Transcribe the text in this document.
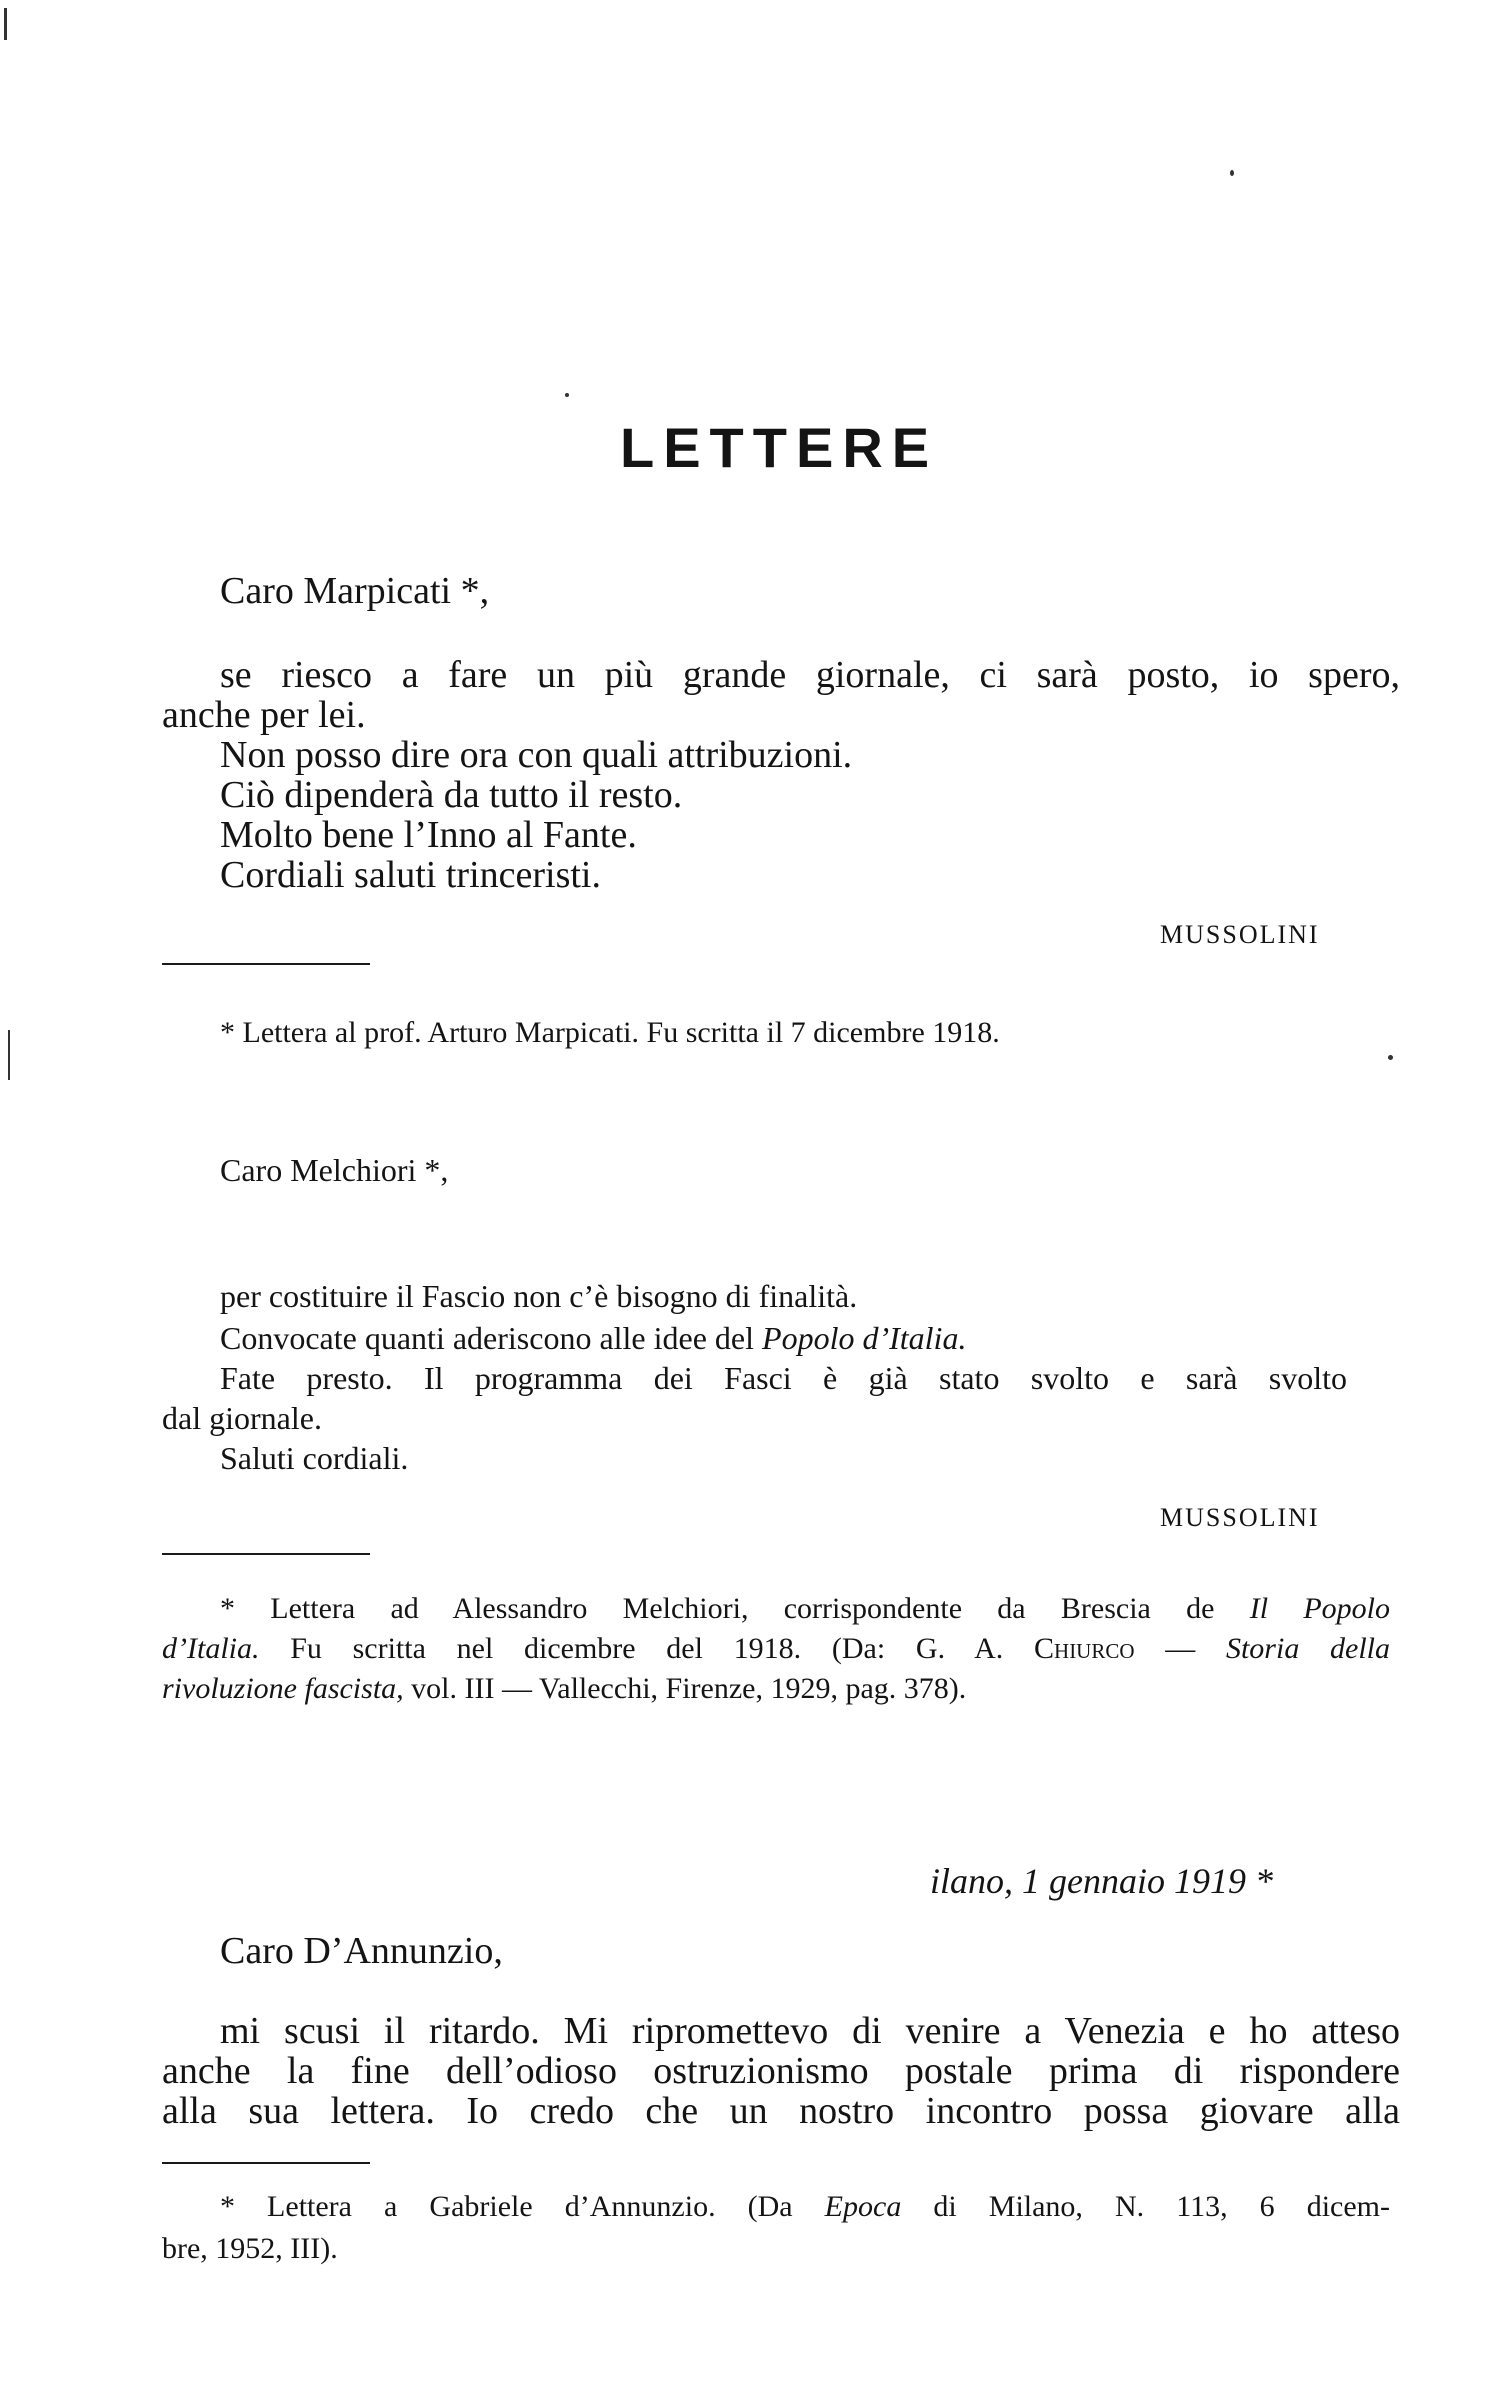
LETTERE
Caro Marpicati *,
se riesco a fare un più grande giornale, ci sarà posto, io spero,
anche per lei.
Non posso dire ora con quali attribuzioni.
Ciò dipenderà da tutto il resto.
Molto bene l’Inno al Fante.
Cordiali saluti trinceristi.
MUSSOLINI
* Lettera al prof. Arturo Marpicati. Fu scritta il 7 dicembre 1918.
Caro Melchiori *,
per costituire il Fascio non c’è bisogno di finalità.
Convocate quanti aderiscono alle idee del Popolo d’Italia.
Fate presto. Il programma dei Fasci è già stato svolto e sarà svolto
dal giornale.
Saluti cordiali.
MUSSOLINI
* Lettera ad Alessandro Melchiori, corrispondente da Brescia de Il Popolo
d’Italia. Fu scritta nel dicembre del 1918. (Da: G. A. Chiurco — Storia della
rivoluzione fascista, vol. III — Vallecchi, Firenze, 1929, pag. 378).
ilano, 1 gennaio 1919 *
Caro D’Annunzio,
mi scusi il ritardo. Mi ripromettevo di venire a Venezia e ho atteso
anche la fine dell’odioso ostruzionismo postale prima di rispondere
alla sua lettera. Io credo che un nostro incontro possa giovare alla
* Lettera a Gabriele d’Annunzio. (Da Epoca di Milano, N. 113, 6 dicem-
bre, 1952, III).
